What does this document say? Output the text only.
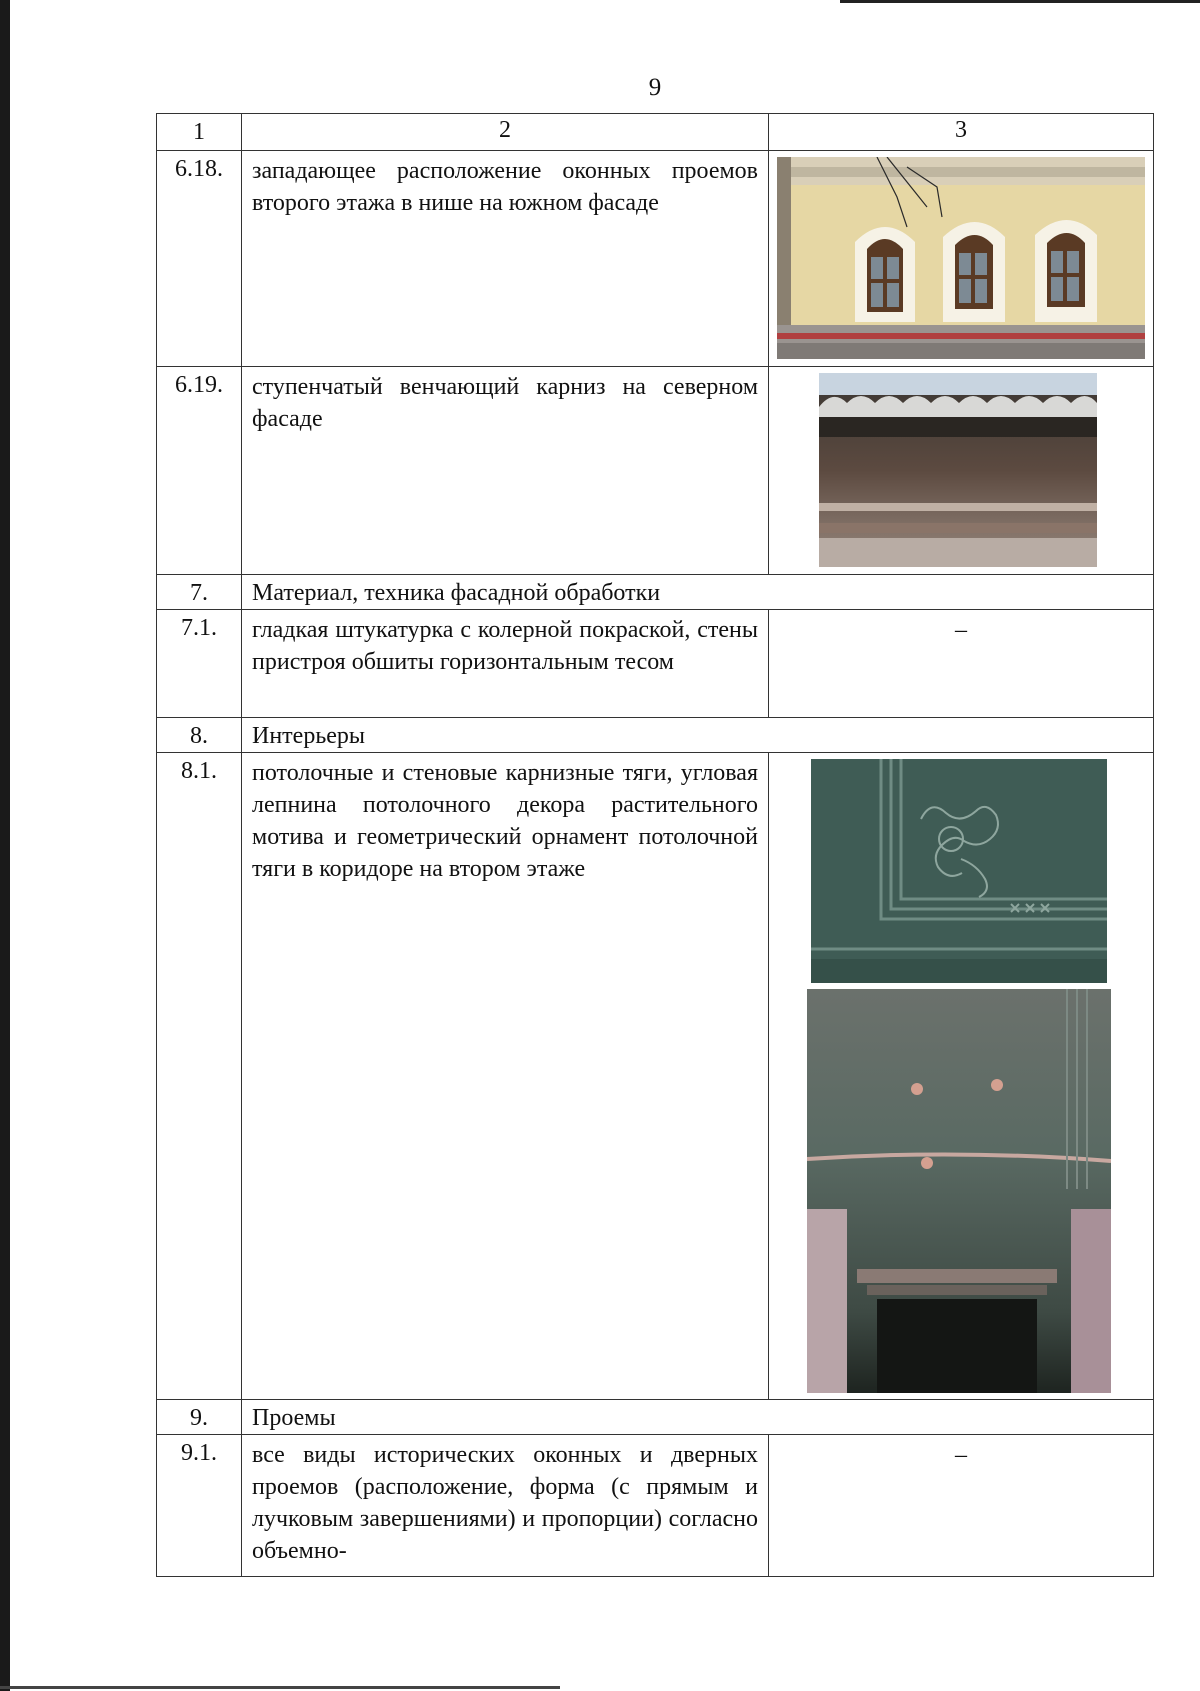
9
1	2	3
6.18.	западающее расположение оконных проемов второго этажа в нише на южном фасаде	

6.19.	ступенчатый венчающий карниз на северном фасаде	

7.	Материал, техника фасадной обработки	
7.1.	гладкая штукатурка с колерной покраской, стены пристроя обшиты горизонтальным тесом	–
8.	Интерьеры	
8.1.	потолочные и стеновые карнизные тяги, угловая лепнина потолочного декора растительного мотива и геометрический орнамент потолочной тяги в коридоре на втором этаже	

9.	Проемы	
9.1.	все виды исторических оконных и дверных проемов (расположение, форма (с прямым и лучковым завершениями) и пропорции) согласно объемно-	–
